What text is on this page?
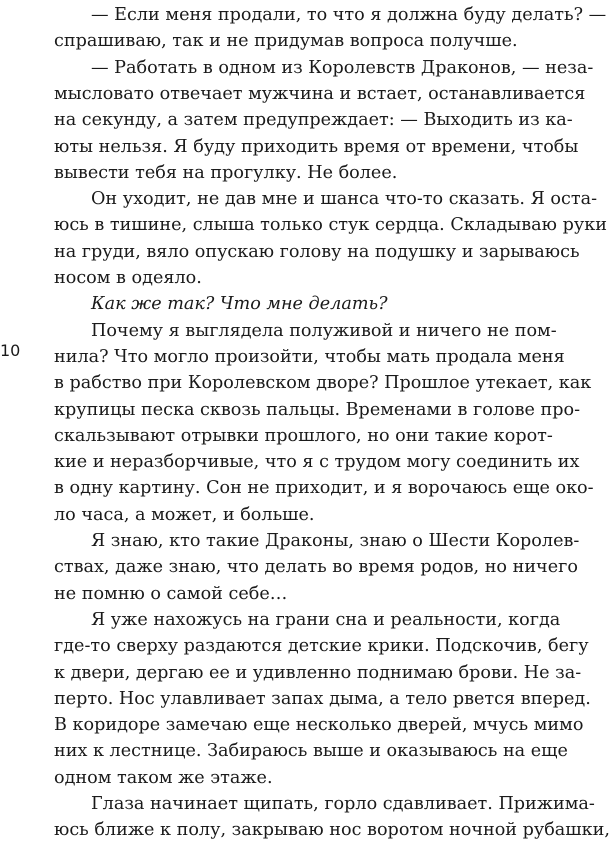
10
— Если меня продали, то что я должна буду делать? —
спрашиваю, так и не придумав вопроса получше.
— Работать в одном из Королевств Драконов, — неза-
мысловато отвечает мужчина и встает, останавливается
на секунду, а затем предупреждает: — Выходить из ка-
юты нельзя. Я буду приходить время от времени, чтобы
вывести тебя на прогулку. Не более.
Он уходит, не дав мне и шанса что-то сказать. Я оста-
юсь в тишине, слыша только стук сердца. Складываю руки
на груди, вяло опускаю голову на подушку и зарываюсь
носом в одеяло.
Как же так? Что мне делать?
Почему я выглядела полуживой и ничего не пом-
нила? Что могло произойти, чтобы мать продала меня
в рабство при Королевском дворе? Прошлое утекает, как
крупицы песка сквозь пальцы. Временами в голове про-
скальзывают отрывки прошлого, но они такие корот-
кие и неразборчивые, что я с трудом могу соединить их
в одну картину. Сон не приходит, и я ворочаюсь еще око-
ло часа, а может, и больше.
Я знаю, кто такие Драконы, знаю о Шести Королев-
ствах, даже знаю, что делать во время родов, но ничего
не помню о самой себе…
Я уже нахожусь на грани сна и реальности, когда
где-то сверху раздаются детские крики. Подскочив, бегу
к двери, дергаю ее и удивленно поднимаю брови. Не за-
перто. Нос улавливает запах дыма, а тело рвется вперед.
В коридоре замечаю еще несколько дверей, мчусь мимо
них к лестнице. Забираюсь выше и оказываюсь на еще
одном таком же этаже.
Глаза начинает щипать, горло сдавливает. Прижима-
юсь ближе к полу, закрываю нос воротом ночной рубашки,
